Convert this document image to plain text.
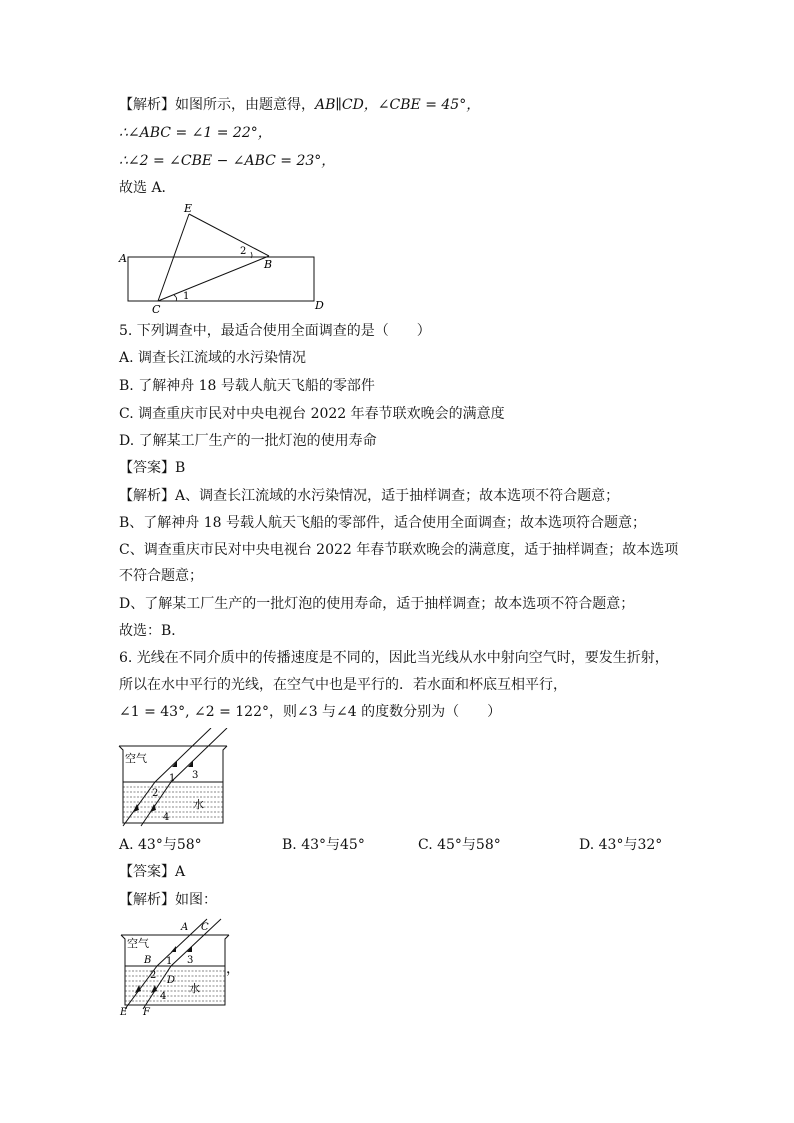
【解析】如图所示，由题意得，AB∥CD，∠CBE = 45°，
∴∠ABC = ∠1 = 22°，
∴∠2 = ∠CBE − ∠ABC = 23°，
故选 A．
E
A	B
C	D
1
2
5. 下列调查中，最适合使用全面调查的是（　　）
A. 调查长江流域的水污染情况
B. 了解神舟 18 号载人航天飞船的零部件
C. 调查重庆市民对中央电视台 2022 年春节联欢晚会的满意度
D. 了解某工厂生产的一批灯泡的使用寿命
【答案】B
【解析】A、调查长江流域的水污染情况，适于抽样调查；故本选项不符合题意；
B、了解神舟 18 号载人航天飞船的零部件，适合使用全面调查；故本选项符合题意；
C、调查重庆市民对中央电视台 2022 年春节联欢晚会的满意度，适于抽样调查；故本选项
不符合题意；
D、了解某工厂生产的一批灯泡的使用寿命，适于抽样调查；故本选项不符合题意；
故选：B．
6. 光线在不同介质中的传播速度是不同的，因此当光线从水中射向空气时，要发生折射，
所以在水中平行的光线，在空气中也是平行的．若水面和杯底互相平行，
∠1 = 43°, ∠2 = 122°，则∠3 与∠4 的度数分别为（　　）
空气
水
1
2
3
4
A. 43°与58°	B. 43°与45°	C. 45°与58°	D. 43°与32°
【答案】A
【解析】如图：
空气
水
A C
B
D
E F
1
2
3
4
，
